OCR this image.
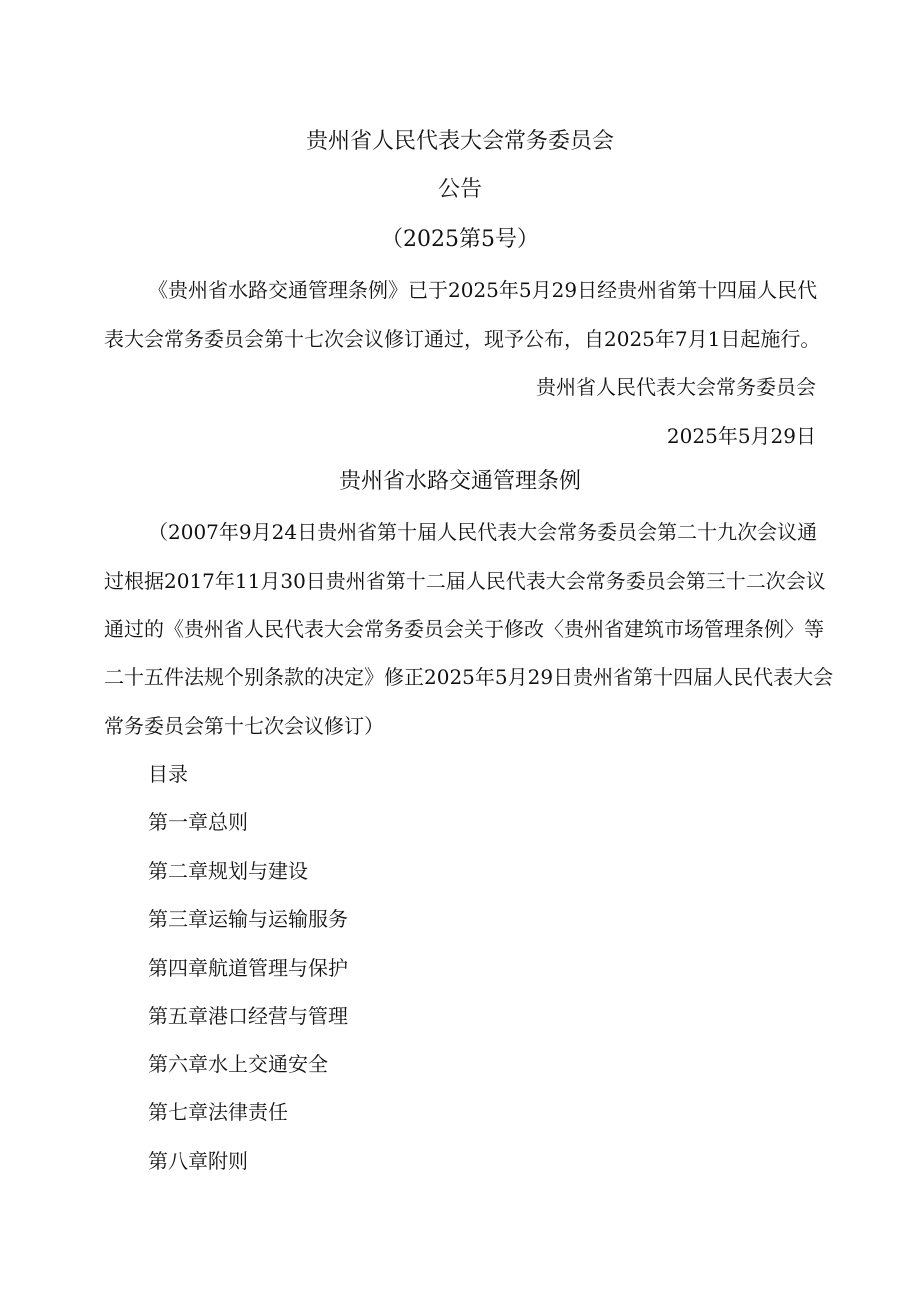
贵州省人民代表大会常务委员会
公告
（2025第5号）
《贵州省水路交通管理条例》已于2025年5月29日经贵州省第十四届人民代
表大会常务委员会第十七次会议修订通过，现予公布，自2025年7月1日起施行。
贵州省人民代表大会常务委员会
2025年5月29日
贵州省水路交通管理条例
（2007年9月24日贵州省第十届人民代表大会常务委员会第二十九次会议通
过根据2017年11月30日贵州省第十二届人民代表大会常务委员会第三十二次会议
通过的《贵州省人民代表大会常务委员会关于修改〈贵州省建筑市场管理条例〉等
二十五件法规个别条款的决定》修正2025年5月29日贵州省第十四届人民代表大会
常务委员会第十七次会议修订）
目录
第一章总则
第二章规划与建设
第三章运输与运输服务
第四章航道管理与保护
第五章港口经营与管理
第六章水上交通安全
第七章法律责任
第八章附则
